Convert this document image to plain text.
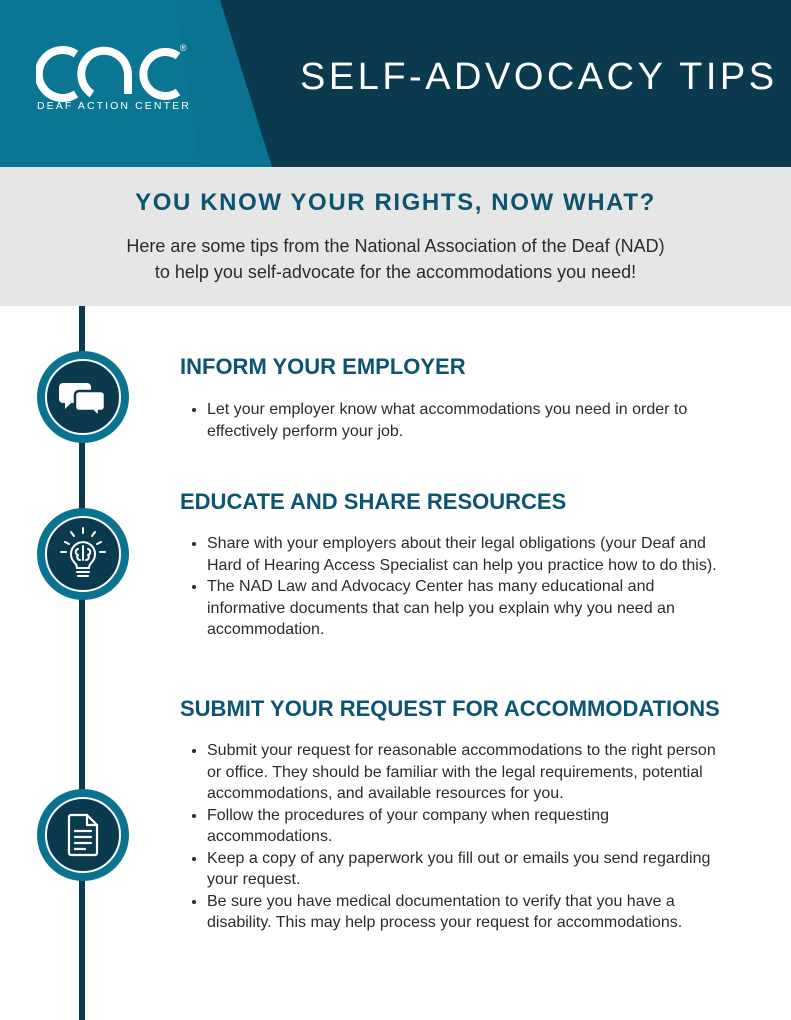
®
DEAF ACTION CENTER
SELF-ADVOCACY TIPS
YOU KNOW YOUR RIGHTS, NOW WHAT?
Here are some tips from the National Association of the Deaf (NAD)
to help you self-advocate for the accommodations you need!
INFORM YOUR EMPLOYER
• Let your employer know what accommodations you need in order to effectively perform your job.
EDUCATE AND SHARE RESOURCES
• Share with your employers about their legal obligations (your Deaf and Hard of Hearing Access Specialist can help you practice how to do this).
• The NAD Law and Advocacy Center has many educational and informative documents that can help you explain why you need an accommodation.
SUBMIT YOUR REQUEST FOR ACCOMMODATIONS
• Submit your request for reasonable accommodations to the right person or office. They should be familiar with the legal requirements, potential accommodations, and available resources for you.
• Follow the procedures of your company when requesting accommodations.
• Keep a copy of any paperwork you fill out or emails you send regarding your request.
• Be sure you have medical documentation to verify that you have a disability. This may help process your request for accommodations.
